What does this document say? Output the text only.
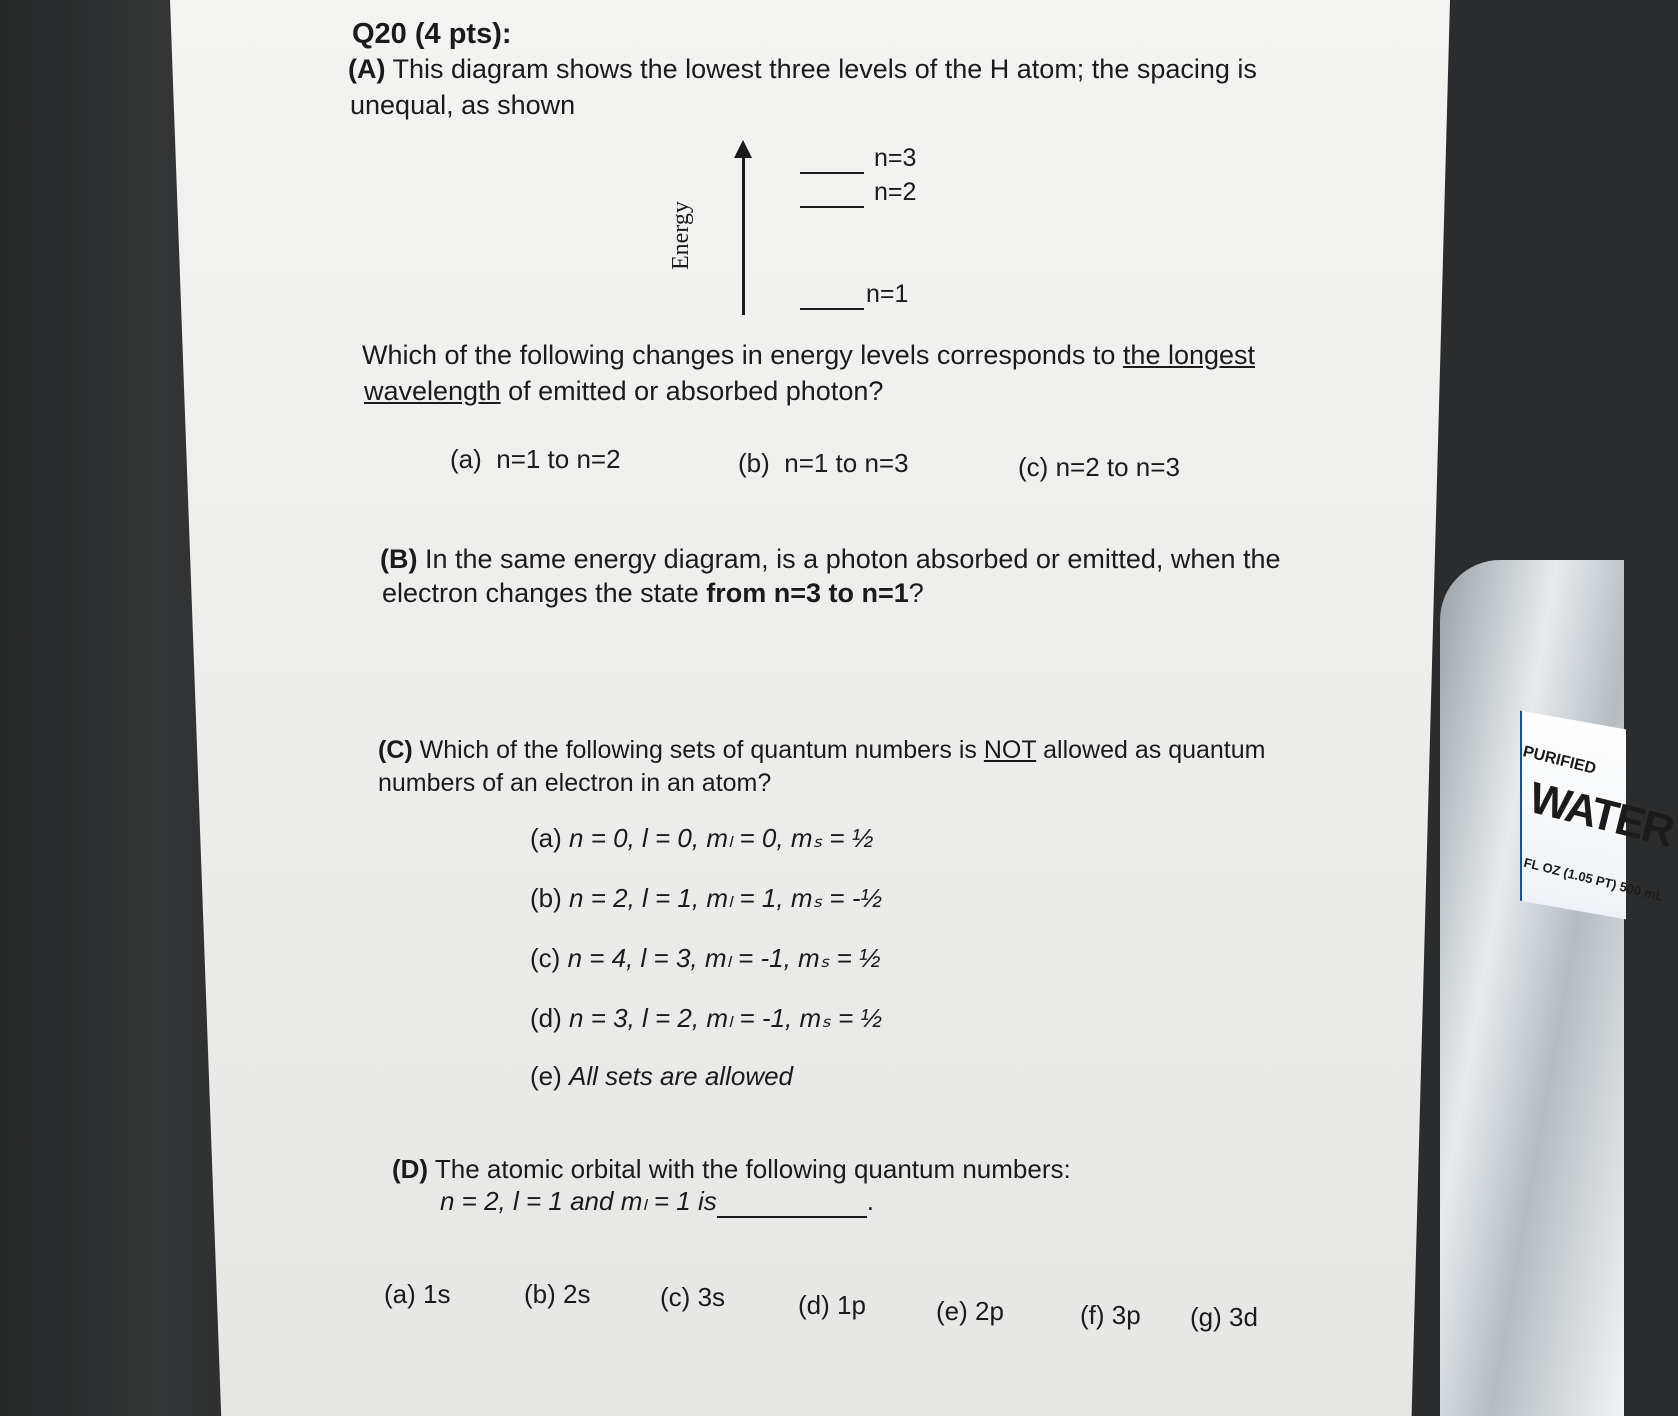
PURIFIED
WATER
FL OZ (1.05 PT) 500 mL
Q20 (4 pts):
(A) This diagram shows the lowest three levels of the H atom; the spacing is
unequal, as shown
Energy
n=3
n=2
n=1
Which of the following changes in energy levels corresponds to the longest
wavelength of emitted or absorbed photon?
(a) n=1 to n=2	(b) n=1 to n=3	(c) n=2 to n=3
(B) In the same energy diagram, is a photon absorbed or emitted, when the
electron changes the state from n=3 to n=1?
(C) Which of the following sets of quantum numbers is NOT allowed as quantum
numbers of an electron in an atom?
(a) n = 0, l = 0, mₗ = 0, mₛ = ½
(b) n = 2, l = 1, mₗ = 1, mₛ = -½
(c) n = 4, l = 3, mₗ = -1, mₛ = ½
(d) n = 3, l = 2, mₗ = -1, mₛ = ½
(e) All sets are allowed
(D) The atomic orbital with the following quantum numbers:
n = 2, l = 1 and mₗ = 1 is	.
(a) 1s	(b) 2s	(c) 3s	(d) 1p	(e) 2p	(f) 3p (g) 3d
